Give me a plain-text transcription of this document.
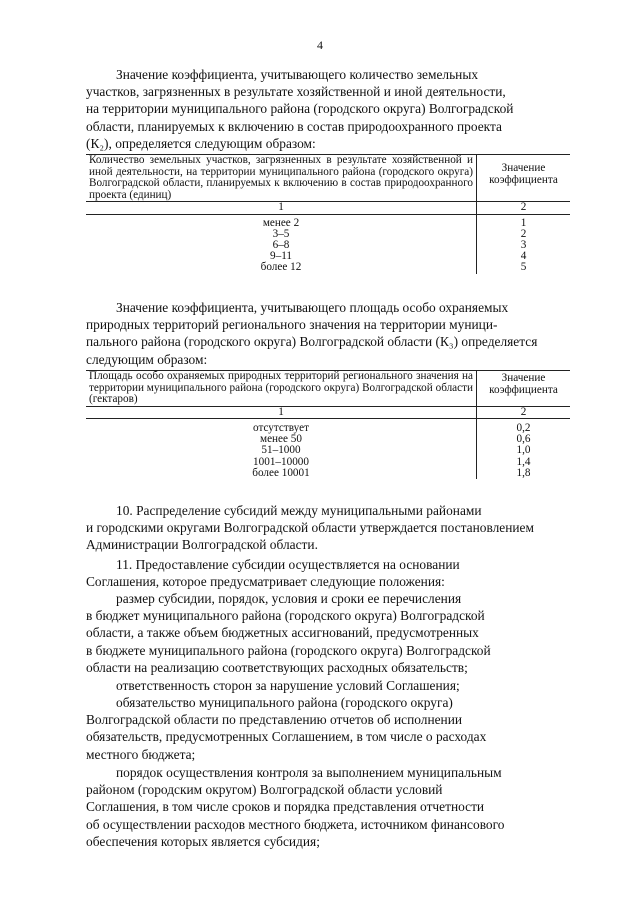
4

Значение коэффициента, учитывающего количество земельных
участков, загрязненных в результате хозяйственной и иной деятельности,
на территории муниципального района (городского округа) Волгоградской
области, планируемых к включению в состав природоохранного проекта
(К₂), определяется следующим образом:

Количество земельных участков, загрязненных в результате хозяйственной и иной деятельности, на территории муниципального района (городского округа) Волгоградской области, планируемых к включению в состав природоохранного проекта (единиц)	Значение коэффициента
1	2
менее 2	1
3–5	2
6–8	3
9–11	4
более 12	5

Значение коэффициента, учитывающего площадь особо охраняемых
природных территорий регионального значения на территории муници-
пального района (городского округа) Волгоградской области (К₃) определяется
следующим образом:

Площадь особо охраняемых природных территорий регионального значения на территории муниципального района (городского округа) Волгоградской области (гектаров)	Значение коэффициента
1	2
отсутствует	0,2
менее 50	0,6
51–1000	1,0
1001–10000	1,4
более 10001	1,8

10. Распределение субсидий между муниципальными районами
и городскими округами Волгоградской области утверждается постановлением
Администрации Волгоградской области.

11. Предоставление субсидии осуществляется на основании
Соглашения, которое предусматривает следующие положения:

размер субсидии, порядок, условия и сроки ее перечисления
в бюджет муниципального района (городского округа) Волгоградской
области, а также объем бюджетных ассигнований, предусмотренных
в бюджете муниципального района (городского округа) Волгоградской
области на реализацию соответствующих расходных обязательств;

ответственность сторон за нарушение условий Соглашения;

обязательство муниципального района (городского округа)
Волгоградской области по представлению отчетов об исполнении
обязательств, предусмотренных Соглашением, в том числе о расходах
местного бюджета;

порядок осуществления контроля за выполнением муниципальным
районом (городским округом) Волгоградской области условий
Соглашения, в том числе сроков и порядка представления отчетности
об осуществлении расходов местного бюджета, источником финансового
обеспечения которых является субсидия;
